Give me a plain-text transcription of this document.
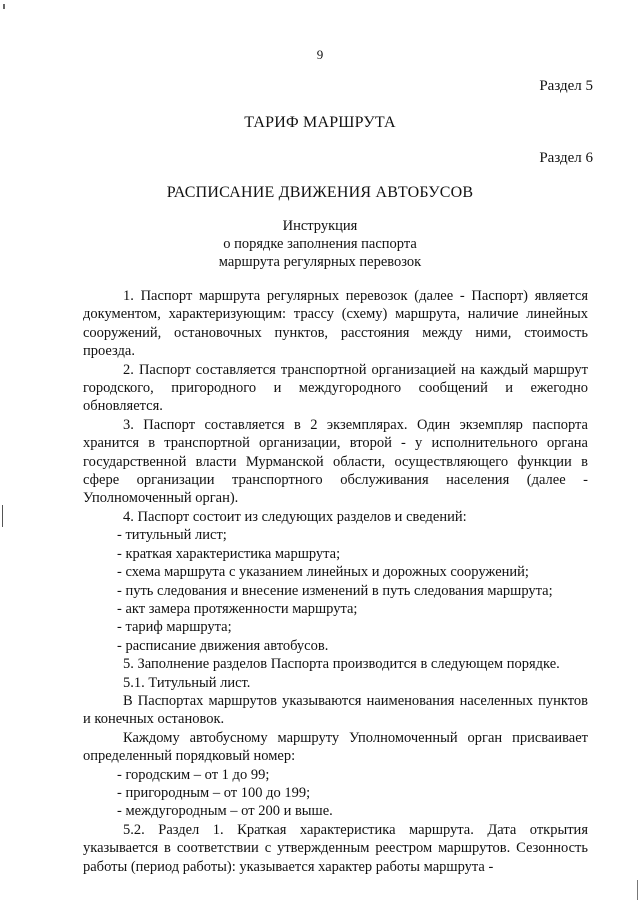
9
Раздел 5
ТАРИФ МАРШРУТА
Раздел 6
РАСПИСАНИЕ ДВИЖЕНИЯ АВТОБУСОВ
Инструкция
о порядке заполнения паспорта
маршрута регулярных перевозок

1. Паспорт маршрута регулярных перевозок (далее - Паспорт) является документом, характеризующим: трассу (схему) маршрута, наличие линейных сооружений, остановочных пунктов, расстояния между ними, стоимость проезда.

2. Паспорт составляется транспортной организацией на каждый маршрут городского, пригородного и междугородного сообщений и ежегодно обновляется.

3. Паспорт составляется в 2 экземплярах. Один экземпляр паспорта хранится в транспортной организации, второй - у исполнительного органа государственной власти Мурманской области, осуществляющего функции в сфере организации транспортного обслуживания населения (далее - Уполномоченный орган).

4. Паспорт состоит из следующих разделов и сведений:

- титульный лист;

- краткая характеристика маршрута;

- схема маршрута с указанием линейных и дорожных сооружений;

- путь следования и внесение изменений в путь следования маршрута;

- акт замера протяженности маршрута;

- тариф маршрута;

- расписание движения автобусов.

5. Заполнение разделов Паспорта производится в следующем порядке.

5.1. Титульный лист.

В Паспортах маршрутов указываются наименования населенных пунктов и конечных остановок.

Каждому автобусному маршруту Уполномоченный орган присваивает определенный порядковый номер:

- городским – от 1 до 99;

- пригородным – от 100 до 199;

- междугородным – от 200 и выше.

5.2. Раздел 1. Краткая характеристика маршрута. Дата открытия указывается в соответствии с утвержденным реестром маршрутов. Сезонность работы (период работы): указывается характер работы маршрута -
